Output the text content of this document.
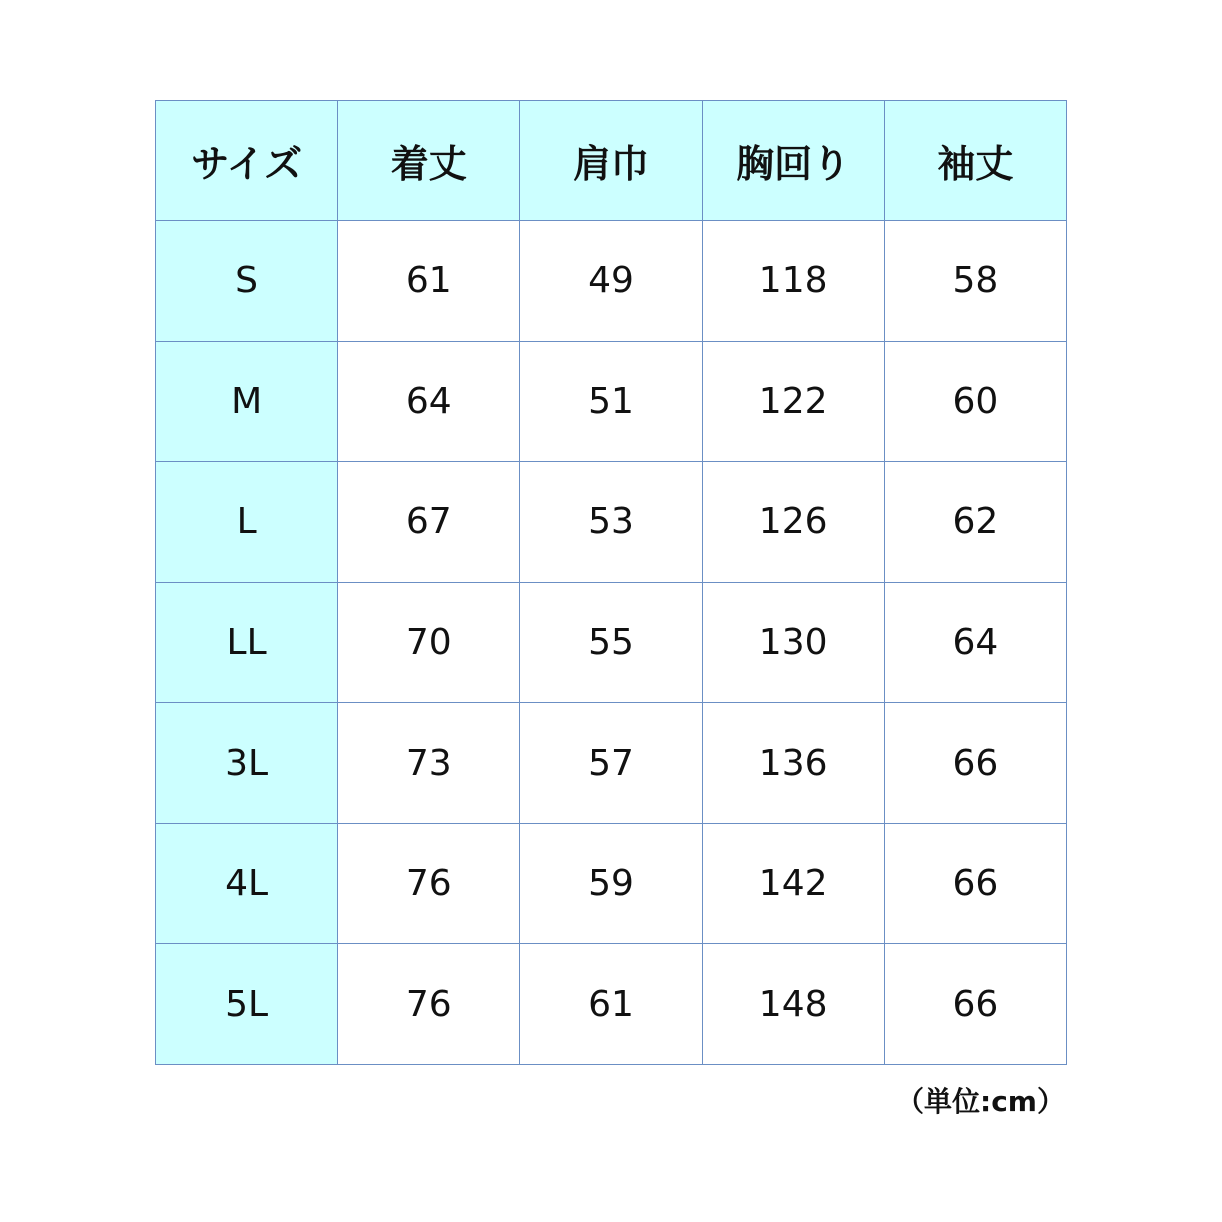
サイズ	着丈	肩巾	胸回り	袖丈
S	61	49	118	58
M	64	51	122	60
L	67	53	126	62
LL	70	55	130	64
3L	73	57	136	66
4L	76	59	142	66
5L	76	61	148	66
（単位:cm）
